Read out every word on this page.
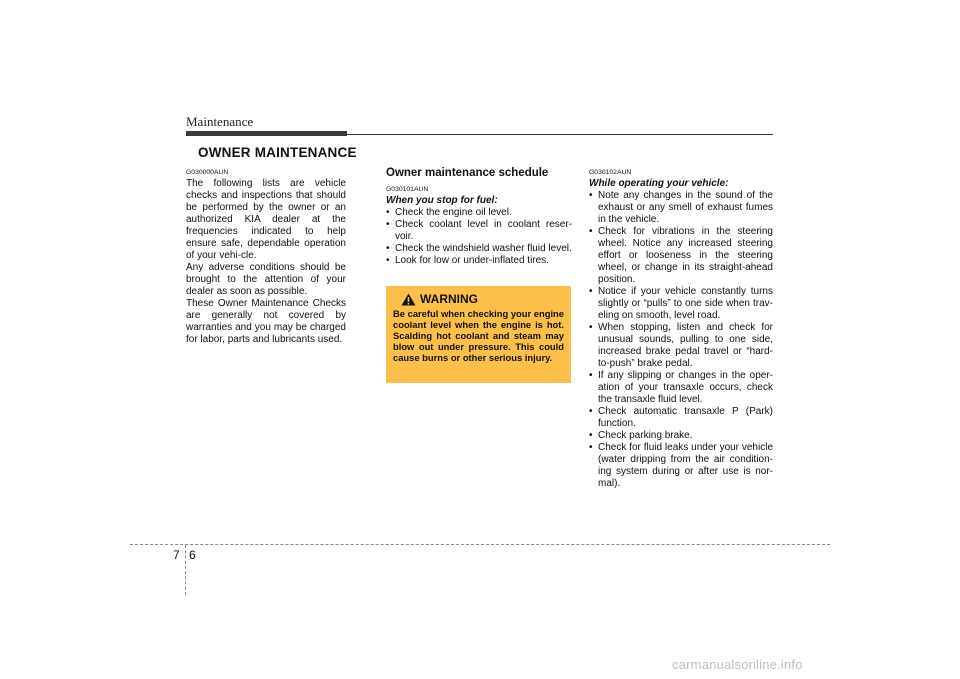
Maintenance
OWNER MAINTENANCE

G030000AUN

The following lists are vehicle checks and inspections that should be performed by the owner or an authorized KIA dealer at the frequencies indicated to help ensure safe, dependable operation of your vehi-cle.

Any adverse conditions should be brought to the attention of your dealer as soon as possible.

These Owner Maintenance Checks are generally not covered by warranties and you may be charged for labor, parts and lubricants used.

Owner maintenance schedule

G030101AUN

When you stop for fuel:

• Check the engine oil level.
• Check coolant level in coolant reser-voir.
• Check the windshield washer fluid level.
• Look for low or under-inflated tires.
WARNING

Be careful when checking your engine coolant level when the engine is hot. Scalding hot coolant and steam may blow out under pressure. This could cause burns or other serious injury.

G030102AUN

While operating your vehicle:

• Note any changes in the sound of the exhaust or any smell of exhaust fumes in the vehicle.
• Check for vibrations in the steering wheel. Notice any increased steering effort or looseness in the steering wheel, or change in its straight-ahead position.
• Notice if your vehicle constantly turns slightly or “pulls” to one side when trav-eling on smooth, level road.
• When stopping, listen and check for unusual sounds, pulling to one side, increased brake pedal travel or “hard-to-push” brake pedal.
• If any slipping or changes in the oper-ation of your transaxle occurs, check the transaxle fluid level.
• Check automatic transaxle P (Park) function.
• Check parking brake.
• Check for fluid leaks under your vehicle (water dripping from the air condition-ing system during or after use is nor-mal).
7 6
carmanualsonline.info
